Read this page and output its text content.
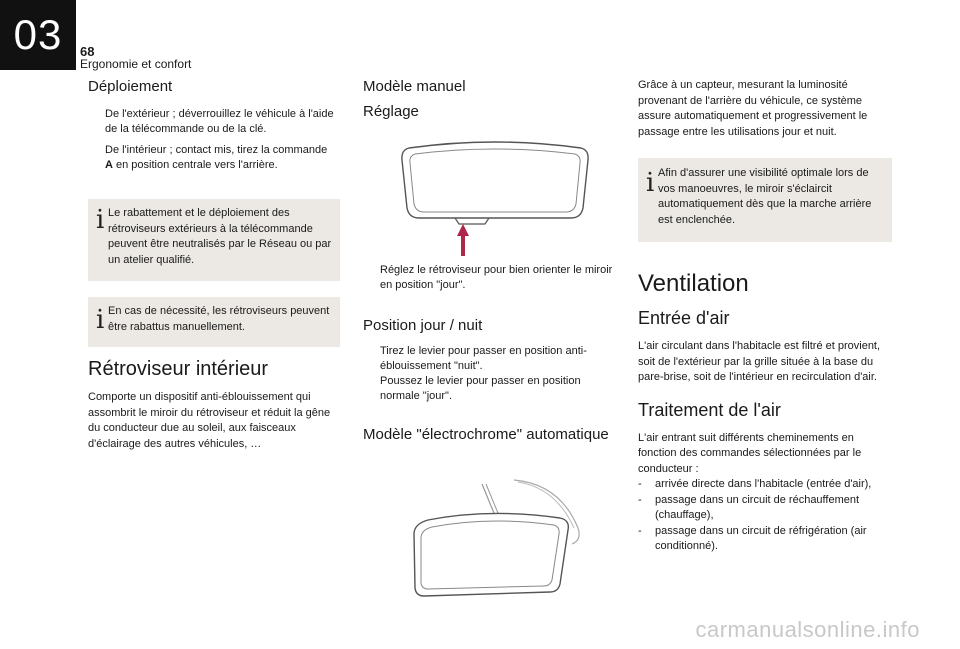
03	68
Ergonomie et confort
Déploiement
De l'extérieur ; déverrouillez le véhicule à l'aide de la télécommande ou de la clé.
De l'intérieur ; contact mis, tirez la commande A en position centrale vers l'arrière.
i Le rabattement et le déploiement des rétroviseurs extérieurs à la télécommande peuvent être neutralisés par le Réseau ou par un atelier qualifié.
i En cas de nécessité, les rétroviseurs peuvent être rabattus manuellement.
Rétroviseur intérieur

Comporte un dispositif anti-éblouissement qui assombrit le miroir du rétroviseur et réduit la gêne du conducteur due au soleil, aux faisceaux d'éclairage des autres véhicules, …

Modèle manuel
Réglage
Réglez le rétroviseur pour bien orienter le miroir en position "jour".
Position jour / nuit
Tirez le levier pour passer en position anti-éblouissement "nuit".
Poussez le levier pour passer en position normale "jour".
Modèle "électrochrome" automatique

Grâce à un capteur, mesurant la luminosité provenant de l'arrière du véhicule, ce système assure automatiquement et progressivement le passage entre les utilisations jour et nuit.

i Afin d'assurer une visibilité optimale lors de vos manoeuvres, le miroir s'éclaircit automatiquement dès que la marche arrière est enclenchée.
Ventilation
Entrée d'air

L'air circulant dans l'habitacle est filtré et provient, soit de l'extérieur par la grille située à la base du pare-brise, soit de l'intérieur en recirculation d'air.

Traitement de l'air

L'air entrant suit différents cheminements en fonction des commandes sélectionnées par le conducteur :

-	arrivée directe dans l'habitacle (entrée d'air),
-	passage dans un circuit de réchauffement (chauffage),
-	passage dans un circuit de réfrigération (air conditionné).
carmanualsonline.info
